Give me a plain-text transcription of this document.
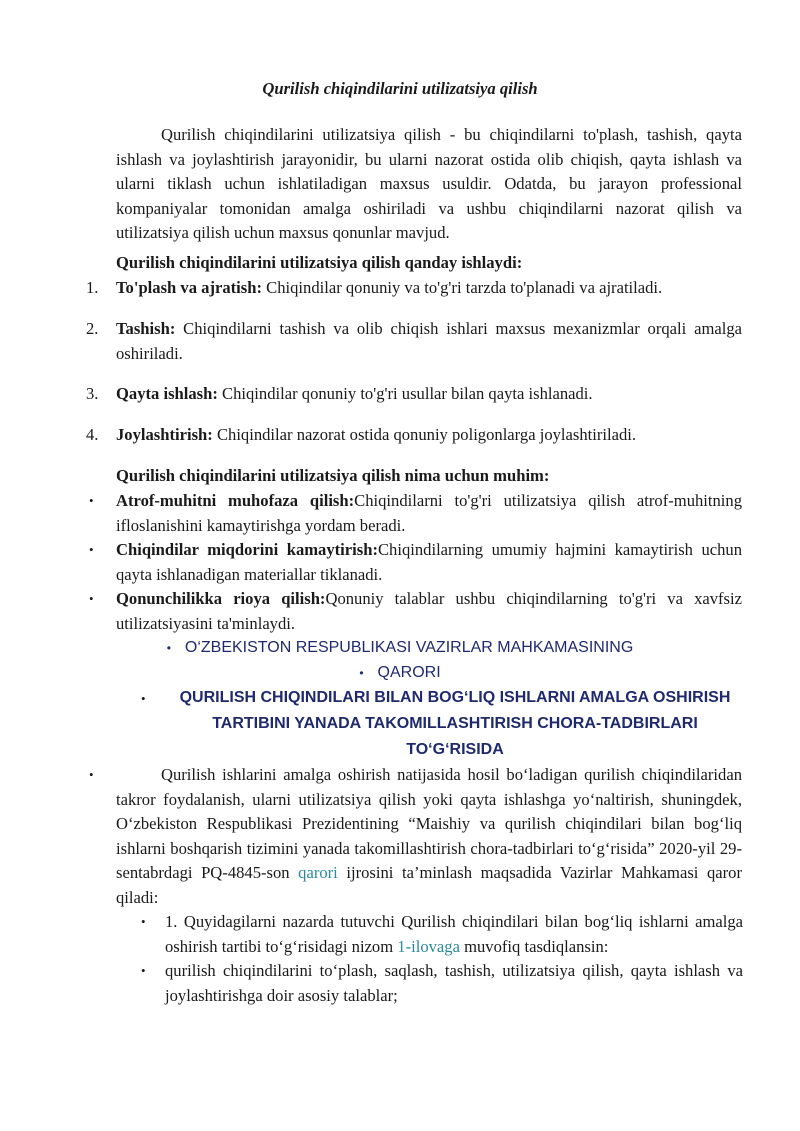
Qurilish chiqindilarini utilizatsiya qilish
Qurilish chiqindilarini utilizatsiya qilish - bu chiqindilarni to'plash, tashish, qayta ishlash va joylashtirish jarayonidir, bu ularni nazorat ostida olib chiqish, qayta ishlash va ularni tiklash uchun ishlatiladigan maxsus usuldir. Odatda, bu jarayon professional kompaniyalar tomonidan amalga oshiriladi va ushbu chiqindilarni nazorat qilish va utilizatsiya qilish uchun maxsus qonunlar mavjud.
Qurilish chiqindilarini utilizatsiya qilish qanday ishlaydi:
1. To'plash va ajratish: Chiqindilar qonuniy va to'g'ri tarzda to'planadi va ajratiladi.
2. Tashish: Chiqindilarni tashish va olib chiqish ishlari maxsus mexanizmlar orqali amalga oshiriladi.
3. Qayta ishlash: Chiqindilar qonuniy to'g'ri usullar bilan qayta ishlanadi.
4. Joylashtirish: Chiqindilar nazorat ostida qonuniy poligonlarga joylashtiriladi.
Qurilish chiqindilarini utilizatsiya qilish nima uchun muhim:
• Atrof-muhitni muhofaza qilish:Chiqindilarni to'g'ri utilizatsiya qilish atrof-muhitning ifloslanishini kamaytirishga yordam beradi.
• Chiqindilar miqdorini kamaytirish:Chiqindilarning umumiy hajmini kamaytirish uchun qayta ishlanadigan materiallar tiklanadi.
• Qonunchilikka rioya qilish:Qonuniy talablar ushbu chiqindilarning to'g'ri va xavfsiz utilizatsiyasini ta'minlaydi.
• O‘ZBEKISTON RESPUBLIKASI VAZIRLAR MAHKAMASINING
• QARORI
•	QURILISH CHIQINDILARI BILAN BOG‘LIQ ISHLARNI AMALGA OSHIRISH TARTIBINI YANADA TAKOMILLASHTIRISH CHORA-TADBIRLARI TO‘G‘RISIDA
•	Qurilish ishlarini amalga oshirish natijasida hosil bo‘ladigan qurilish chiqindilaridan takror foydalanish, ularni utilizatsiya qilish yoki qayta ishlashga yo‘naltirish, shuningdek, O‘zbekiston Respublikasi Prezidentining “Maishiy va qurilish chiqindilari bilan bog‘liq ishlarni boshqarish tizimini yanada takomillashtirish chora-tadbirlari to‘g‘risida” 2020-yil 29-sentabrdagi PQ-4845-son qarori ijrosini ta’minlash maqsadida Vazirlar Mahkamasi qaror qiladi:
• 1. Quyidagilarni nazarda tutuvchi Qurilish chiqindilari bilan bog‘liq ishlarni amalga oshirish tartibi to‘g‘risidagi nizom 1-ilovaga muvofiq tasdiqlansin:
• qurilish chiqindilarini to‘plash, saqlash, tashish, utilizatsiya qilish, qayta ishlash va joylashtirishga doir asosiy talablar;
